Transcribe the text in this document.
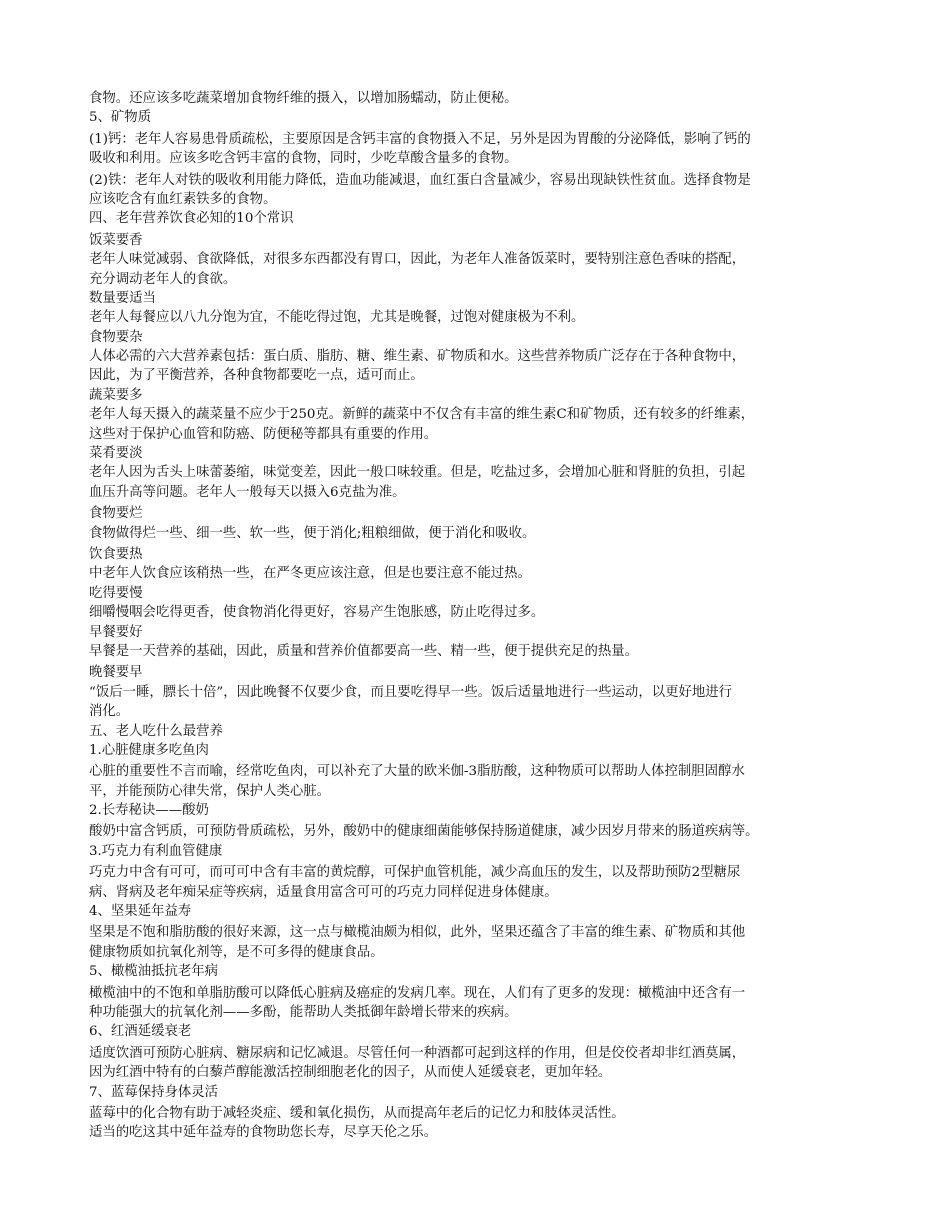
食物。还应该多吃蔬菜增加食物纤维的摄入，以增加肠蠕动，防止便秘。
5、矿物质
(1)钙：老年人容易患骨质疏松，主要原因是含钙丰富的食物摄入不足，另外是因为胃酸的分泌降低，影响了钙的
吸收和利用。应该多吃含钙丰富的食物，同时，少吃草酸含量多的食物。
(2)铁：老年人对铁的吸收利用能力降低，造血功能减退，血红蛋白含量减少，容易出现缺铁性贫血。选择食物是
应该吃含有血红素铁多的食物。
四、老年营养饮食必知的10个常识
饭菜要香
老年人味觉减弱、食欲降低，对很多东西都没有胃口，因此，为老年人准备饭菜时，要特别注意色香味的搭配，
充分调动老年人的食欲。
数量要适当
老年人每餐应以八九分饱为宜，不能吃得过饱，尤其是晚餐，过饱对健康极为不利。
食物要杂
人体必需的六大营养素包括：蛋白质、脂肪、糖、维生素、矿物质和水。这些营养物质广泛存在于各种食物中，
因此，为了平衡营养，各种食物都要吃一点，适可而止。
蔬菜要多
老年人每天摄入的蔬菜量不应少于250克。新鲜的蔬菜中不仅含有丰富的维生素C和矿物质，还有较多的纤维素，
这些对于保护心血管和防癌、防便秘等都具有重要的作用。
菜肴要淡
老年人因为舌头上味蕾萎缩，味觉变差，因此一般口味较重。但是，吃盐过多，会增加心脏和肾脏的负担，引起
血压升高等问题。老年人一般每天以摄入6克盐为准。
食物要烂
食物做得烂一些、细一些、软一些，便于消化;粗粮细做，便于消化和吸收。
饮食要热
中老年人饮食应该稍热一些，在严冬更应该注意，但是也要注意不能过热。
吃得要慢
细嚼慢咽会吃得更香，使食物消化得更好，容易产生饱胀感，防止吃得过多。
早餐要好
早餐是一天营养的基础，因此，质量和营养价值都要高一些、精一些，便于提供充足的热量。
晚餐要早
“饭后一睡，膘长十倍”，因此晚餐不仅要少食，而且要吃得早一些。饭后适量地进行一些运动，以更好地进行
消化。
五、老人吃什么最营养
1.心脏健康多吃鱼肉
心脏的重要性不言而喻，经常吃鱼肉，可以补充了大量的欧米伽-3脂肪酸，这种物质可以帮助人体控制胆固醇水
平，并能预防心律失常，保护人类心脏。
2.长寿秘诀——酸奶
酸奶中富含钙质，可预防骨质疏松，另外，酸奶中的健康细菌能够保持肠道健康，减少因岁月带来的肠道疾病等。
3.巧克力有利血管健康
巧克力中含有可可，而可可中含有丰富的黄烷醇，可保护血管机能，减少高血压的发生，以及帮助预防2型糖尿
病、肾病及老年痴呆症等疾病，适量食用富含可可的巧克力同样促进身体健康。
4、坚果延年益寿
坚果是不饱和脂肪酸的很好来源，这一点与橄榄油颇为相似，此外，坚果还蕴含了丰富的维生素、矿物质和其他
健康物质如抗氧化剂等，是不可多得的健康食品。
5、橄榄油抵抗老年病
橄榄油中的不饱和单脂肪酸可以降低心脏病及癌症的发病几率。现在，人们有了更多的发现：橄榄油中还含有一
种功能强大的抗氧化剂——多酚，能帮助人类抵御年龄增长带来的疾病。
6、红酒延缓衰老
适度饮酒可预防心脏病、糖尿病和记忆减退。尽管任何一种酒都可起到这样的作用，但是佼佼者却非红酒莫属，
因为红酒中特有的白藜芦醇能激活控制细胞老化的因子，从而使人延缓衰老，更加年轻。
7、蓝莓保持身体灵活
蓝莓中的化合物有助于减轻炎症、缓和氧化损伤，从而提高年老后的记忆力和肢体灵活性。
适当的吃这其中延年益寿的食物助您长寿，尽享天伦之乐。
